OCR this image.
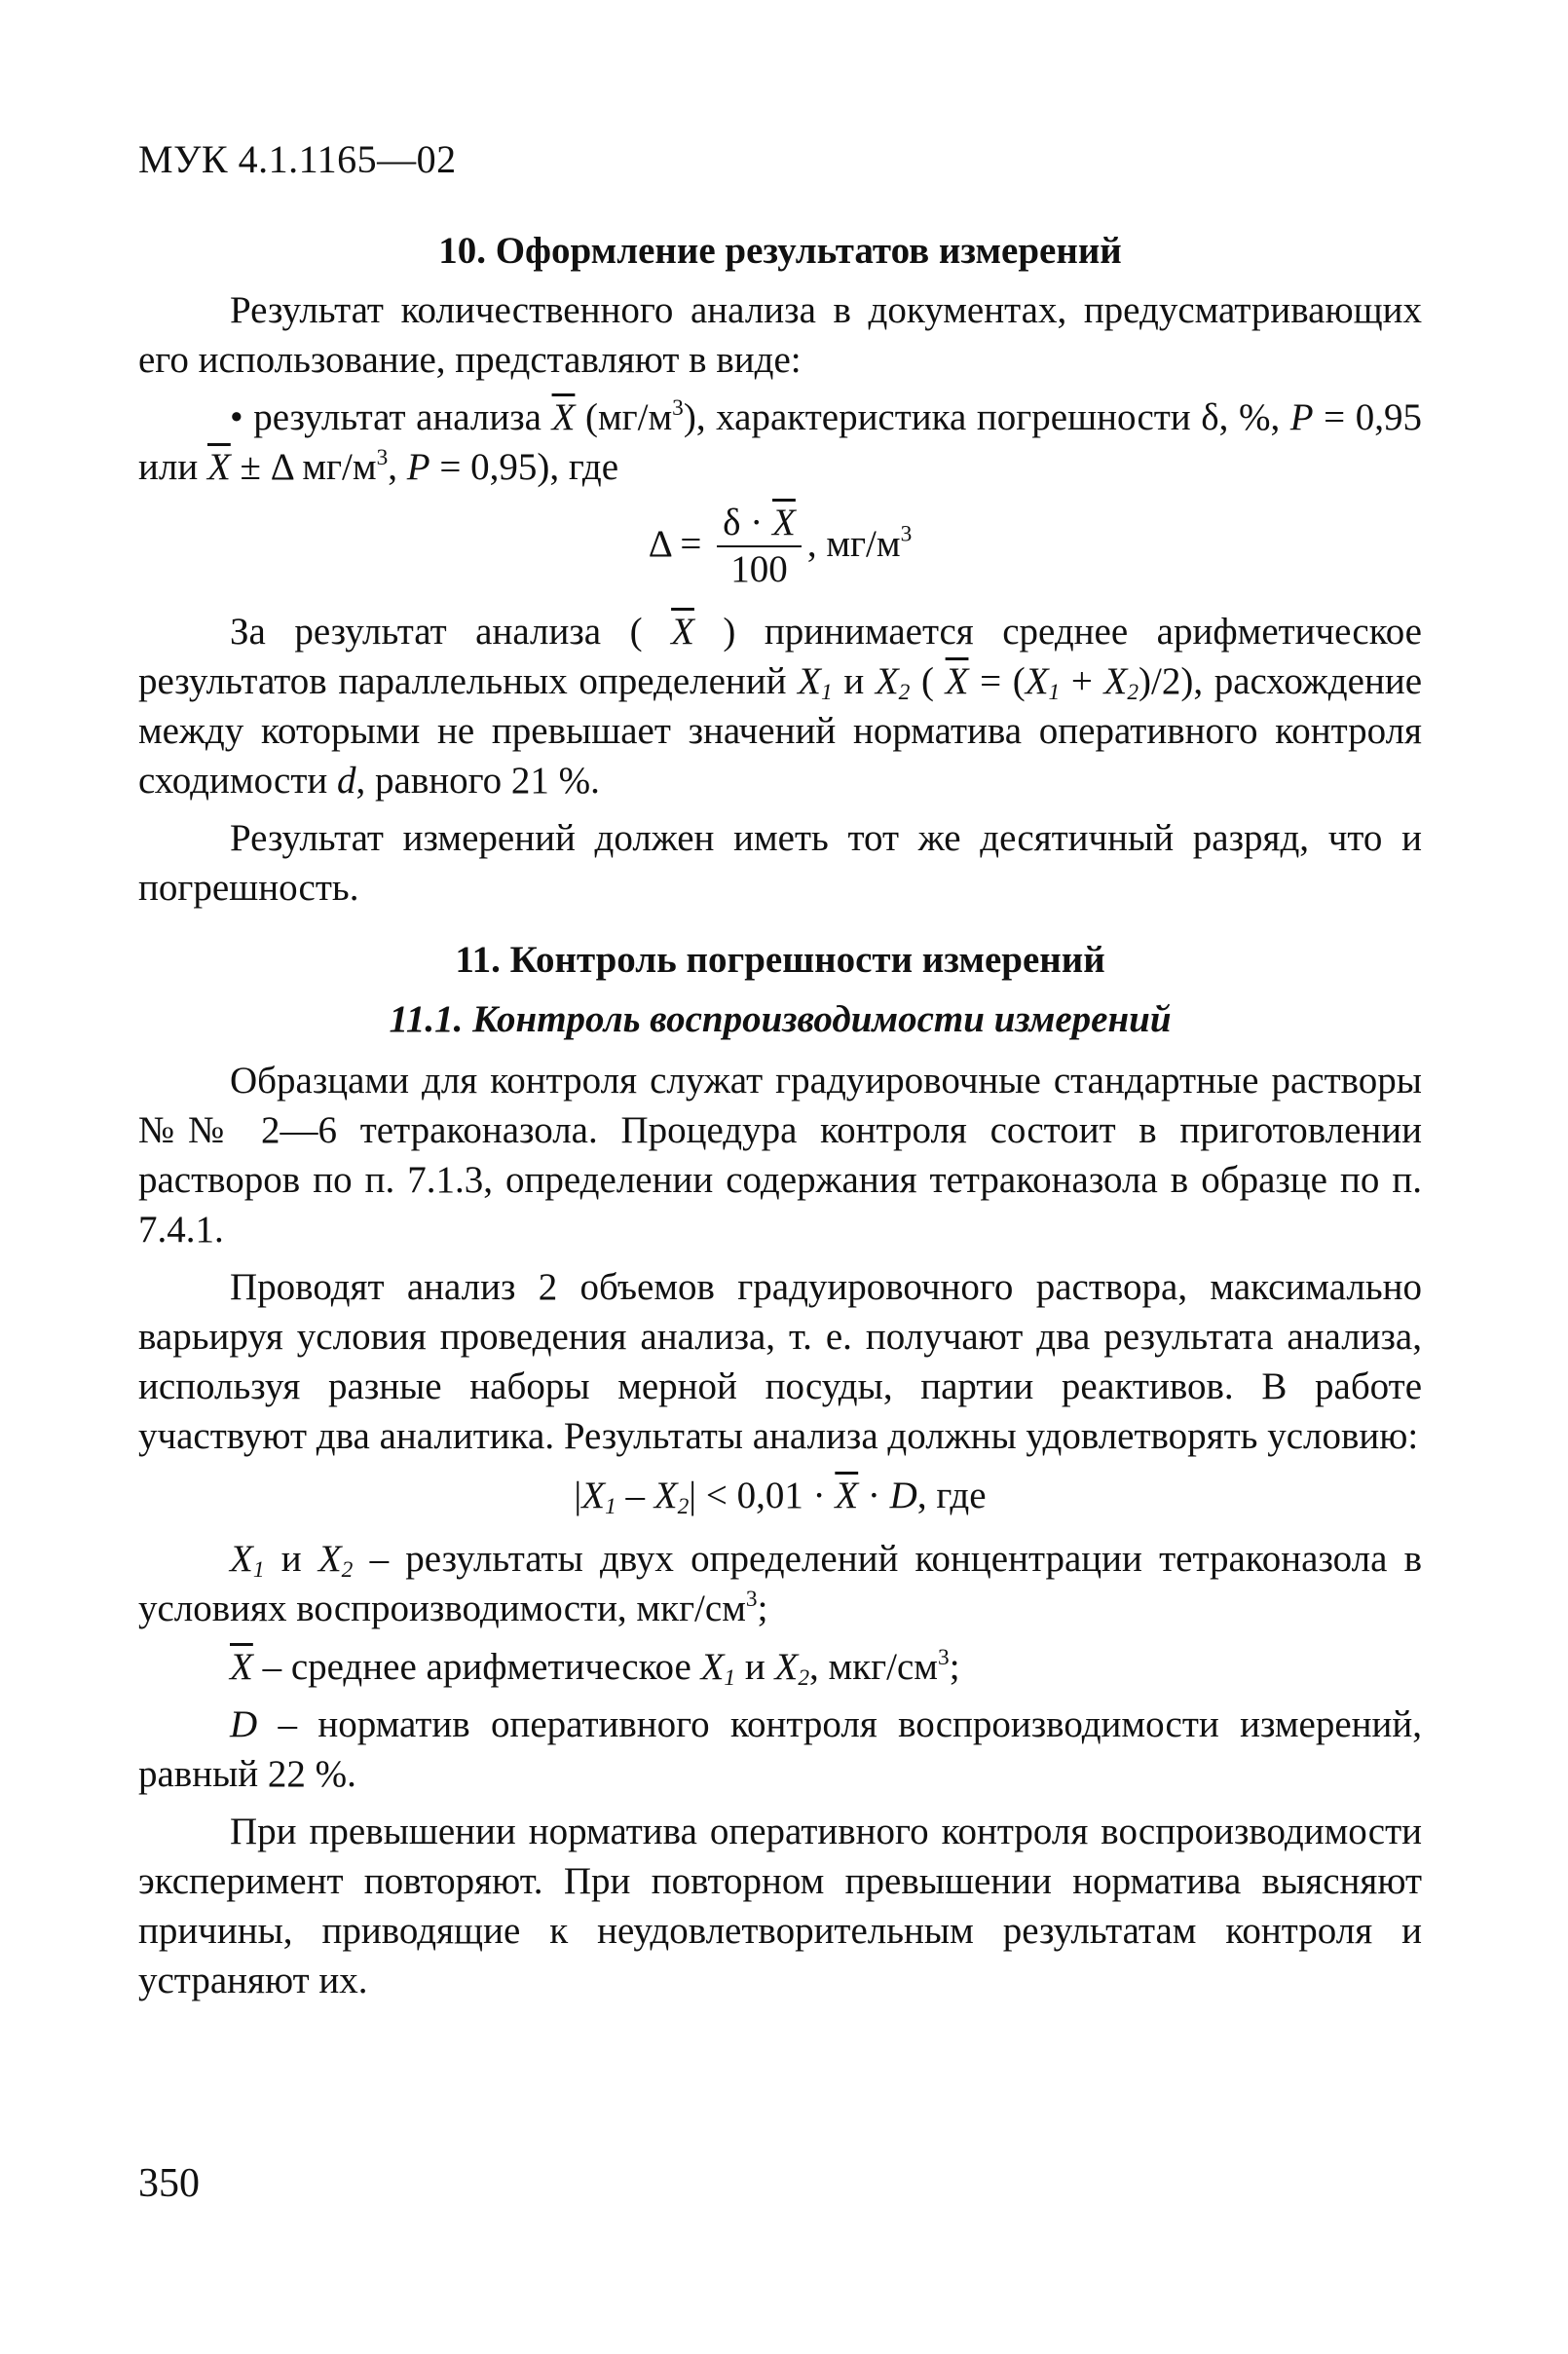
МУК 4.1.1165—02
10. Оформление результатов измерений

Результат количественного анализа в документах, предусматривающих его использование, представляют в виде:

• результат анализа $\overline{X}$ $(мг/м^3)$, характеристика погрешности δ, %, P = 0,95 или $\overline{X} \pm \Delta$ $мг/м^3$, P = 0,95), где

$\Delta = \frac{\delta \cdot \overline{X}}{100}$ , $мг/м^3$

За результат анализа ( $\overline{X}$ ) принимается среднее арифметическое результатов параллельных определений $X_1$ и $X_2$ ( $\overline{X} = (X_1 + X_2)/2$), расхождение между которыми не превышает значений норматива оперативного контроля сходимости d, равного 21 %.

Результат измерений должен иметь тот же десятичный разряд, что и погрешность.

11. Контроль погрешности измерений
11.1. Контроль воспроизводимости измерений

Образцами для контроля служат градуировочные стандартные растворы №№ 2—6 тетраконазола. Процедура контроля состоит в приготовлении растворов по п. 7.1.3, определении содержания тетраконазола в образце по п. 7.4.1.

Проводят анализ 2 объемов градуировочного раствора, максимально варьируя условия проведения анализа, т. е. получают два результата анализа, используя разные наборы мерной посуды, партии реактивов. В работе участвуют два аналитика. Результаты анализа должны удовлетворять условию:

$|X_1 - X_2| < 0,01 \cdot \overline{X} \cdot D$, где

$X_1$ и $X_2$ – результаты двух определений концентрации тетраконазола в условиях воспроизводимости, мкг/$см^3$;

$\overline{X}$ – среднее арифметическое $X_1$ и $X_2$, мкг/$см^3$;

D – норматив оперативного контроля воспроизводимости измерений, равный 22 %.

При превышении норматива оперативного контроля воспроизводимости эксперимент повторяют. При повторном превышении норматива выясняют причины, приводящие к неудовлетворительным результатам контроля и устраняют их.

350
